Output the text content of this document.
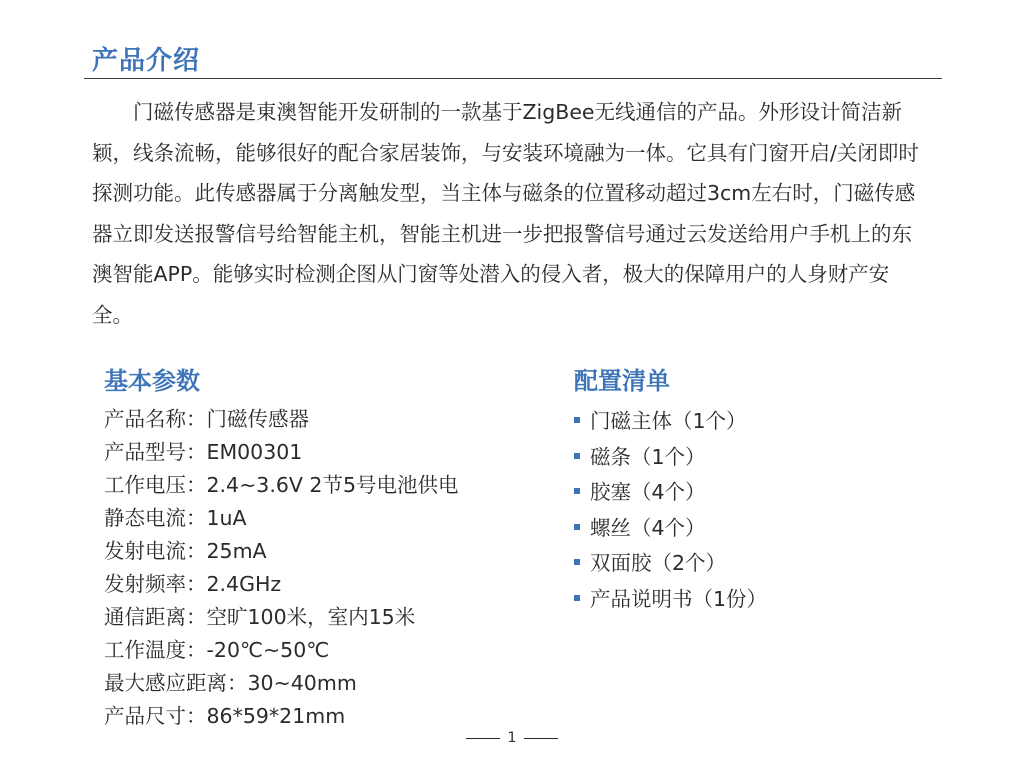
产品介绍

门磁传感器是東澳智能开发研制的一款基于ZigBee无线通信的产品。外形设计简洁新颖，线条流畅，能够很好的配合家居装饰，与安装环境融为一体。它具有门窗开启/关闭即时探测功能。此传感器属于分离触发型，当主体与磁条的位置移动超过3cm左右时，门磁传感器立即发送报警信号给智能主机，智能主机进一步把报警信号通过云发送给用户手机上的东澳智能APP。能够实时检测企图从门窗等处潜入的侵入者，极大的保障用户的人身财产安全。

基本参数
产品名称：门磁传感器
产品型号：EM00301
工作电压：2.4~3.6V 2节5号电池供电
静态电流：1uA
发射电流：25mA
发射频率：2.4GHz
通信距离：空旷100米，室内15米
工作温度：-20℃~50℃
最大感应距离：30~40mm
产品尺寸：86*59*21mm
配置清单
门磁主体（1个）
磁条（1个）
胶塞（4个）
螺丝（4个）
双面胶（2个）
产品说明书（1份）
1
